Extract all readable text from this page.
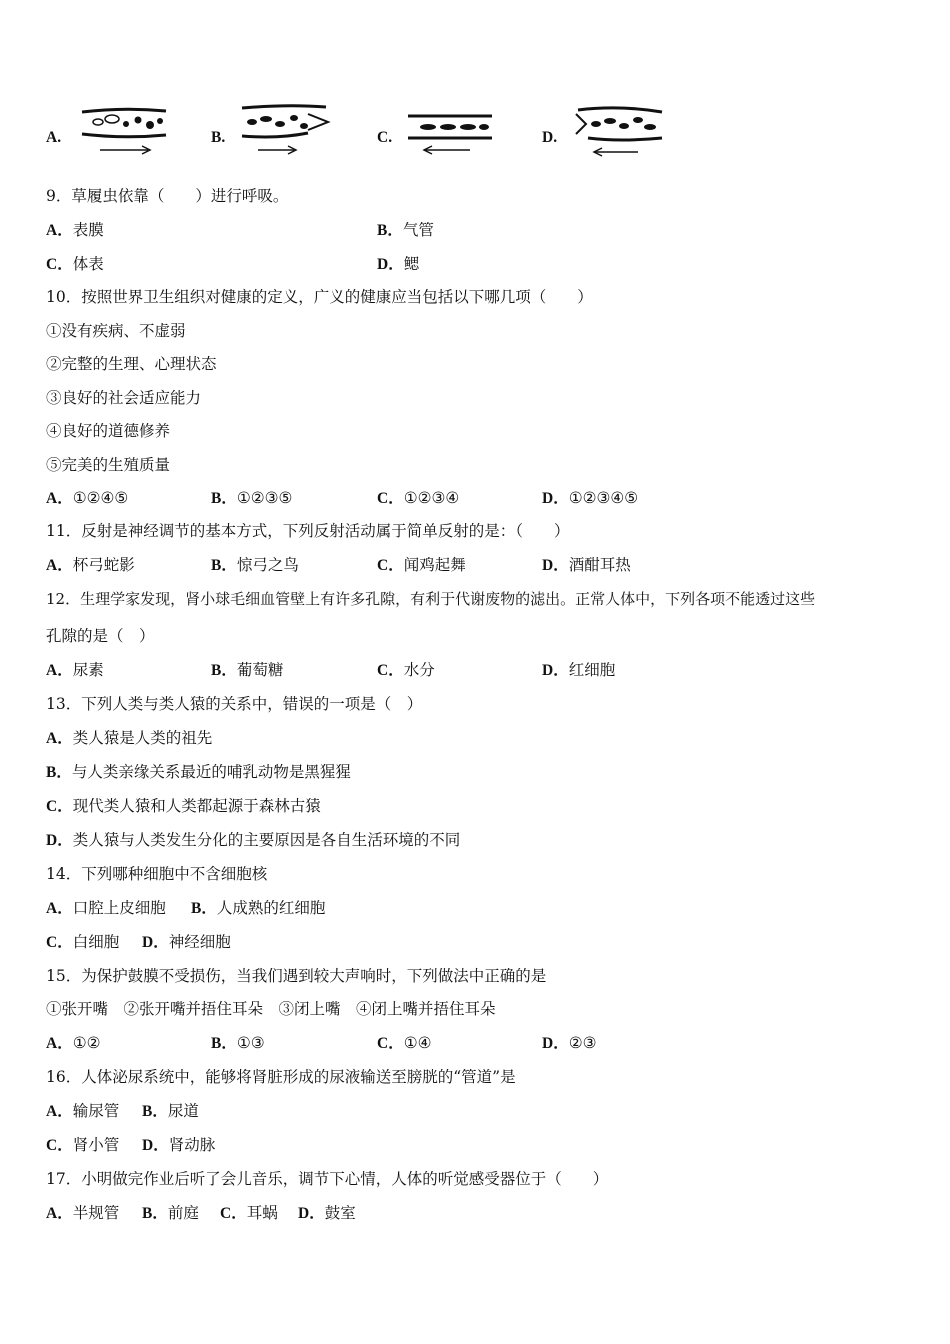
A.	B.	C.	D.
9．草履虫依靠（　　）进行呼吸。
A．表膜	B．气管
C．体表	D．鳃
10．按照世界卫生组织对健康的定义，广义的健康应当包括以下哪几项（　　）
①没有疾病、不虚弱
②完整的生理、心理状态
③良好的社会适应能力
④良好的道德修养
⑤完美的生殖质量
A．①②④⑤	B．①②③⑤	C．①②③④	D．①②③④⑤
11．反射是神经调节的基本方式，下列反射活动属于简单反射的是：（　　）
A．杯弓蛇影	B．惊弓之鸟	C．闻鸡起舞	D．酒酣耳热
12．生理学家发现，肾小球毛细血管壁上有许多孔隙，有利于代谢废物的滤出。正常人体中，下列各项不能透过这些
孔隙的是（　）
A．尿素	B．葡萄糖	C．水分	D．红细胞
13．下列人类与类人猿的关系中，错误的一项是（　）
A．类人猿是人类的祖先
B．与人类亲缘关系最近的哺乳动物是黑猩猩
C．现代类人猿和人类都起源于森林古猿
D．类人猿与人类发生分化的主要原因是各自生活环境的不同
14．下列哪种细胞中不含细胞核
A．口腔上皮细胞 B．人成熟的红细胞
C．白细胞 D．神经细胞
15．为保护鼓膜不受损伤，当我们遇到较大声响时，下列做法中正确的是
①张开嘴　②张开嘴并捂住耳朵　③闭上嘴　④闭上嘴并捂住耳朵
A．①②	B．①③	C．①④	D．②③
16．人体泌尿系统中，能够将肾脏形成的尿液输送至膀胱的“管道”是
A．输尿管 B．尿道
C．肾小管 D．肾动脉
17．小明做完作业后听了会儿音乐，调节下心情，人体的听觉感受器位于（　　）
A．半规管 B．前庭 C．耳蜗 D．鼓室
